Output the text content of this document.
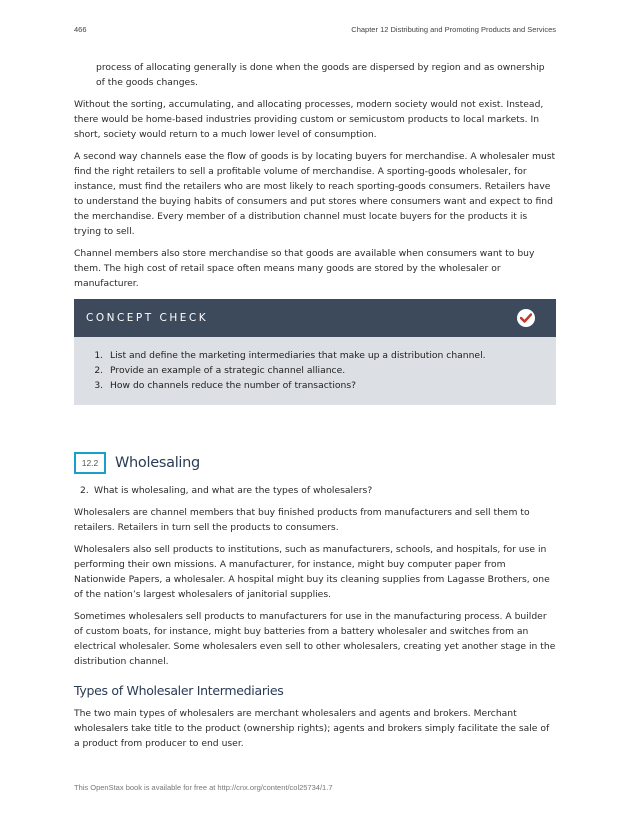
466	Chapter 12 Distributing and Promoting Products and Services

process of allocating generally is done when the goods are dispersed by region and as ownership of the goods changes.

Without the sorting, accumulating, and allocating processes, modern society would not exist. Instead, there would be home-based industries providing custom or semicustom products to local markets. In short, society would return to a much lower level of consumption.

A second way channels ease the flow of goods is by locating buyers for merchandise. A wholesaler must find the right retailers to sell a profitable volume of merchandise. A sporting-goods wholesaler, for instance, must find the retailers who are most likely to reach sporting-goods consumers. Retailers have to understand the buying habits of consumers and put stores where consumers want and expect to find the merchandise. Every member of a distribution channel must locate buyers for the products it is trying to sell.

Channel members also store merchandise so that goods are available when consumers want to buy them. The high cost of retail space often means many goods are stored by the wholesaler or manufacturer.

CONCEPT CHECK
1. List and define the marketing intermediaries that make up a distribution channel.
2. Provide an example of a strategic channel alliance.
3. How do channels reduce the number of transactions?
12.2	Wholesaling
2. What is wholesaling, and what are the types of wholesalers?

Wholesalers are channel members that buy finished products from manufacturers and sell them to retailers. Retailers in turn sell the products to consumers.

Wholesalers also sell products to institutions, such as manufacturers, schools, and hospitals, for use in performing their own missions. A manufacturer, for instance, might buy computer paper from Nationwide Papers, a wholesaler. A hospital might buy its cleaning supplies from Lagasse Brothers, one of the nation’s largest wholesalers of janitorial supplies.

Sometimes wholesalers sell products to manufacturers for use in the manufacturing process. A builder of custom boats, for instance, might buy batteries from a battery wholesaler and switches from an electrical wholesaler. Some wholesalers even sell to other wholesalers, creating yet another stage in the distribution channel.

Types of Wholesaler Intermediaries

The two main types of wholesalers are merchant wholesalers and agents and brokers. Merchant wholesalers take title to the product (ownership rights); agents and brokers simply facilitate the sale of a product from producer to end user.

This OpenStax book is available for free at http://cnx.org/content/col25734/1.7
